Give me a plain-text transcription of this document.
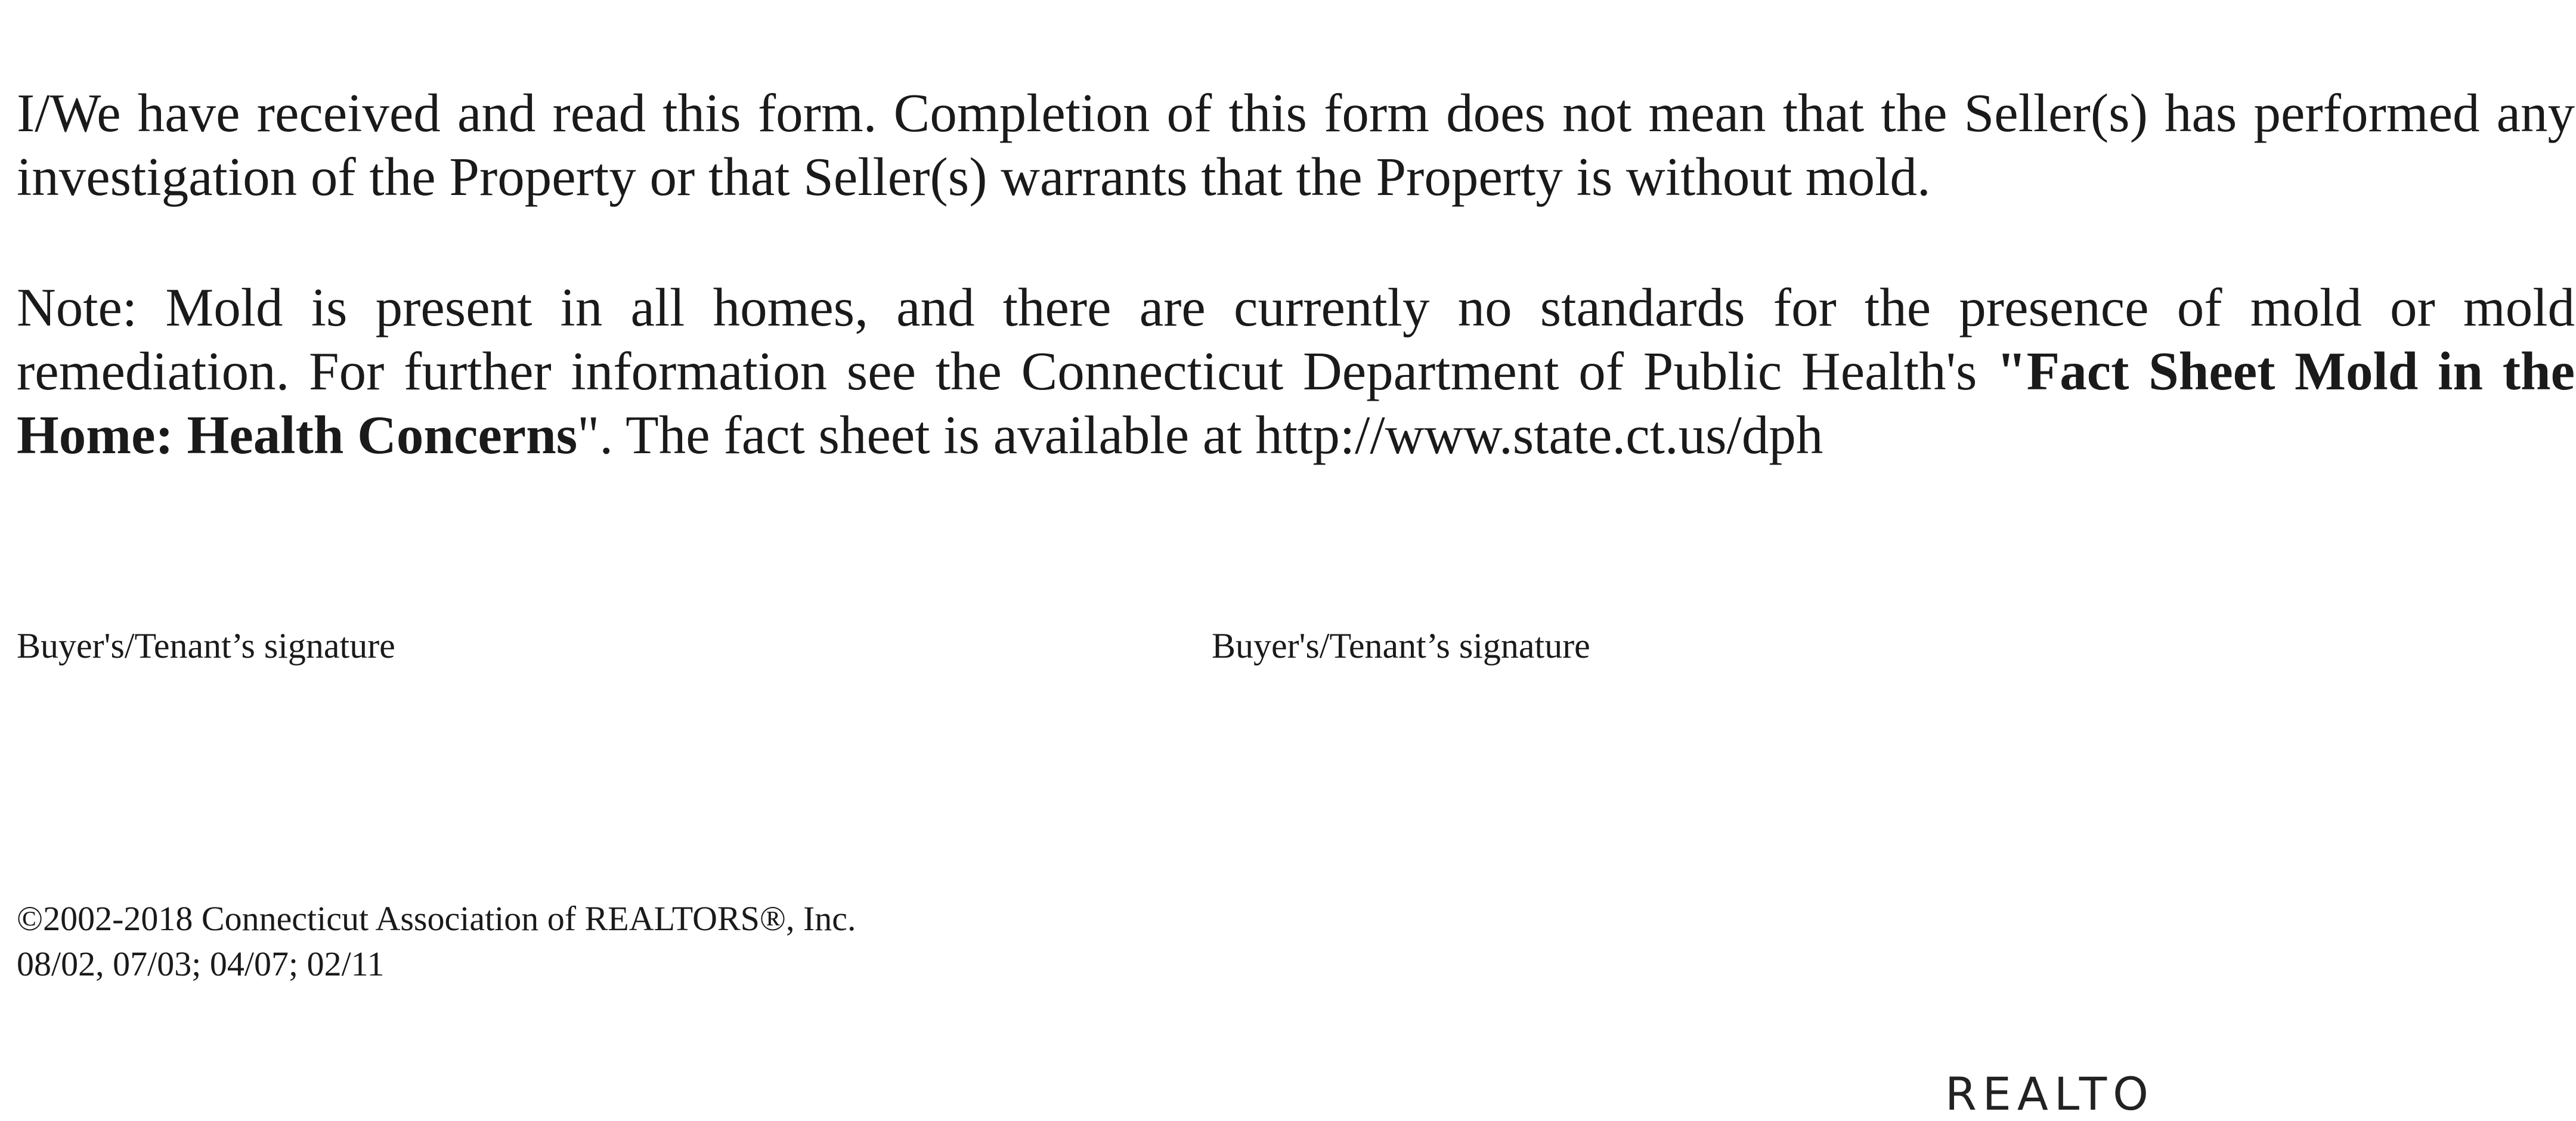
I/We have received and read this form. Completion of this form does not mean that the Seller(s) has performed any investigation of the Property or that Seller(s) warrants that the Property is without mold.

Note: Mold is present in all homes, and there are currently no standards for the presence of mold or mold remediation. For further information see the Connecticut Department of Public Health's "Fact Sheet Mold in the Home: Health Concerns". The fact sheet is available at http://www.state.ct.us/dph

Buyer's/Tenant’s signature	Buyer's/Tenant’s signature
©2002-2018 Connecticut Association of REALTORS®, Inc.
08/02, 07/03; 04/07; 02/11
REALTO
